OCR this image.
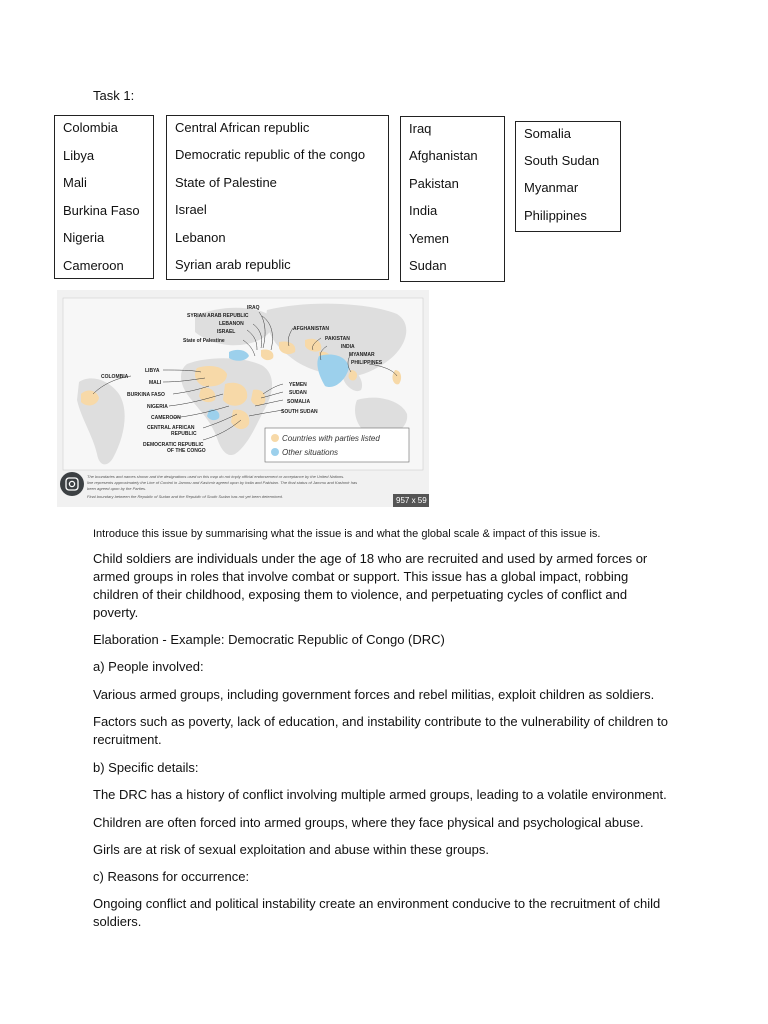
Task 1:
Colombia
Libya
Mali
Burkina Faso
Nigeria
Cameroon
Central African republic
Democratic republic of the congo
State of Palestine
Israel
Lebanon
Syrian arab republic
Iraq
Afghanistan
Pakistan
India
Yemen
Sudan
Somalia
South Sudan
Myanmar
Philippines
IRAQ
SYRIAN ARAB REPUBLIC
LEBANON
ISRAEL
State of Palestine
AFGHANISTAN
PAKISTAN
INDIA
MYANMAR
PHILIPPINES
COLOMBIA
LIBYA
MALI
BURKINA FASO
NIGERIA
CAMEROON
CENTRAL AFRICAN
REPUBLIC
DEMOCRATIC REPUBLIC
OF THE CONGO
YEMEN
SUDAN
SOMALIA
SOUTH SUDAN
Countries with parties listed
Other situations
The boundaries and names shown and the designations used on this map do not imply official endorsement or acceptance by the United Nations.
line represents approximately the Line of Control in Jammu and Kashmir agreed upon by India and Pakistan. The final status of Jammu and Kashmir has
been agreed upon by the Parties.
Final boundary between the Republic of Sudan and the Republic of South Sudan has not yet been determined.	957 x 59

Introduce this issue by summarising what the issue is and what the global scale & impact of this issue is.

Child soldiers are individuals under the age of 18 who are recruited and used by armed forces or armed groups in roles that involve combat or support. This issue has a global impact, robbing children of their childhood, exposing them to violence, and perpetuating cycles of conflict and poverty.

Elaboration - Example: Democratic Republic of Congo (DRC)

a) People involved:

Various armed groups, including government forces and rebel militias, exploit children as soldiers.

Factors such as poverty, lack of education, and instability contribute to the vulnerability of children to recruitment.

b) Specific details:

The DRC has a history of conflict involving multiple armed groups, leading to a volatile environment.

Children are often forced into armed groups, where they face physical and psychological abuse.

Girls are at risk of sexual exploitation and abuse within these groups.

c) Reasons for occurrence:

Ongoing conflict and political instability create an environment conducive to the recruitment of child soldiers.
